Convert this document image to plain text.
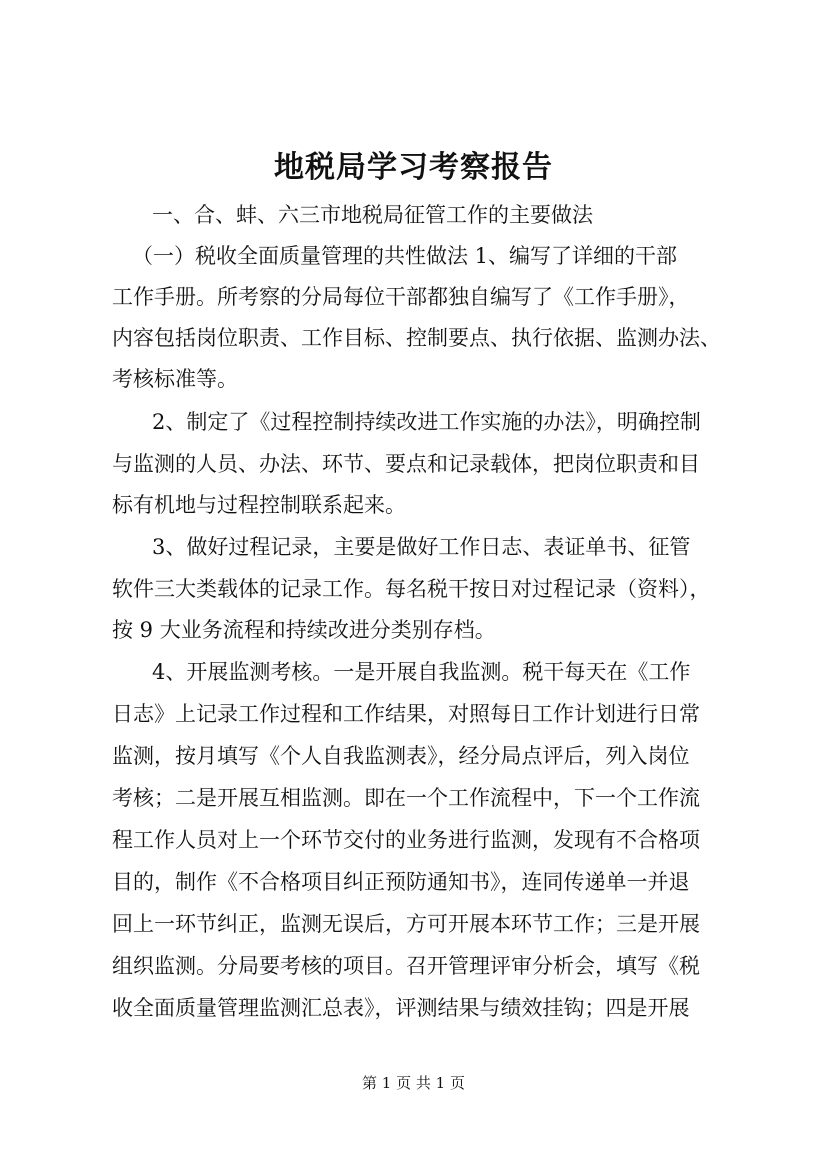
地税局学习考察报告
一、合、蚌、六三市地税局征管工作的主要做法
（一）税收全面质量管理的共性做法 1、编写了详细的干部
工作手册。所考察的分局每位干部都独自编写了《工作手册》，
内容包括岗位职责、工作目标、控制要点、执行依据、监测办法、
考核标准等。
2、制定了《过程控制持续改进工作实施的办法》，明确控制
与监测的人员、办法、环节、要点和记录载体，把岗位职责和目
标有机地与过程控制联系起来。
3、做好过程记录，主要是做好工作日志、表证单书、征管
软件三大类载体的记录工作。每名税干按日对过程记录（资料），
按 9 大业务流程和持续改进分类别存档。
4、开展监测考核。一是开展自我监测。税干每天在《工作
日志》上记录工作过程和工作结果，对照每日工作计划进行日常
监测，按月填写《个人自我监测表》，经分局点评后，列入岗位
考核；二是开展互相监测。即在一个工作流程中，下一个工作流
程工作人员对上一个环节交付的业务进行监测，发现有不合格项
目的，制作《不合格项目纠正预防通知书》，连同传递单一并退
回上一环节纠正，监测无误后，方可开展本环节工作；三是开展
组织监测。分局要考核的项目。召开管理评审分析会，填写《税
收全面质量管理监测汇总表》，评测结果与绩效挂钩；四是开展
第 1 页 共 1 页
